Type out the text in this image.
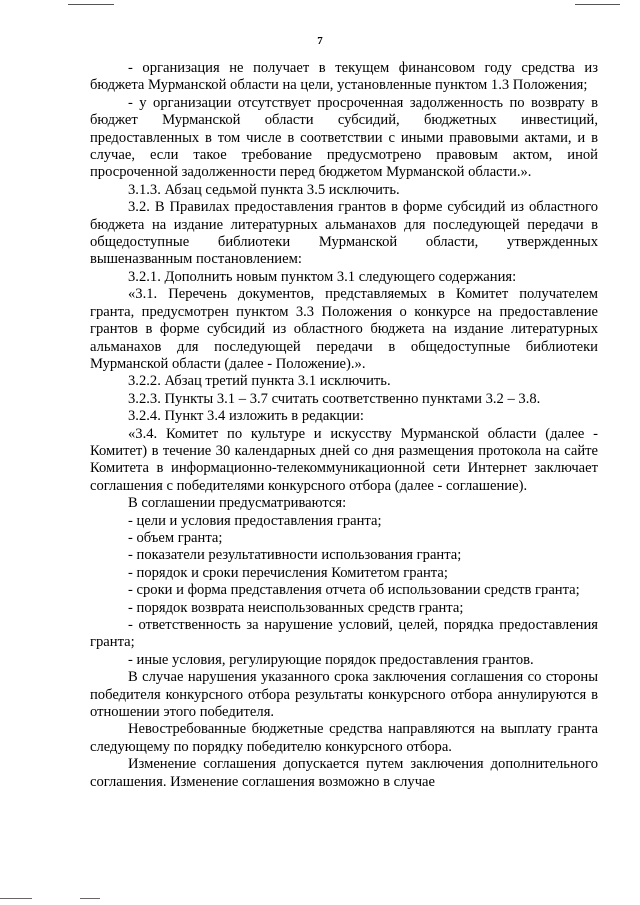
7

- организация не получает в текущем финансовом году средства из бюджета Мурманской области на цели, установленные пунктом 1.3 Положения;

- у организации отсутствует просроченная задолженность по возврату в бюджет Мурманской области субсидий, бюджетных инвестиций, предоставленных в том числе в соответствии с иными правовыми актами, и в случае, если такое требование предусмотрено правовым актом, иной просроченной задолженности перед бюджетом Мурманской области.».

3.1.3. Абзац седьмой пункта 3.5 исключить.

3.2. В Правилах предоставления грантов в форме субсидий из областного бюджета на издание литературных альманахов для последующей передачи в общедоступные библиотеки Мурманской области, утвержденных вышеназванным постановлением:

3.2.1. Дополнить новым пунктом 3.1 следующего содержания:

«3.1. Перечень документов, представляемых в Комитет получателем гранта, предусмотрен пунктом 3.3 Положения о конкурсе на предоставление грантов в форме субсидий из областного бюджета на издание литературных альманахов для последующей передачи в общедоступные библиотеки Мурманской области (далее - Положение).».

3.2.2. Абзац третий пункта 3.1 исключить.

3.2.3. Пункты 3.1 – 3.7 считать соответственно пунктами 3.2 – 3.8.

3.2.4. Пункт 3.4 изложить в редакции:

«3.4. Комитет по культуре и искусству Мурманской области (далее - Комитет) в течение 30 календарных дней со дня размещения протокола на сайте Комитета в информационно-телекоммуникационной сети Интернет заключает соглашения с победителями конкурсного отбора (далее - соглашение).

В соглашении предусматриваются:

- цели и условия предоставления гранта;

- объем гранта;

- показатели результативности использования гранта;

- порядок и сроки перечисления Комитетом гранта;

- сроки и форма представления отчета об использовании средств гранта;

- порядок возврата неиспользованных средств гранта;

- ответственность за нарушение условий, целей, порядка предоставления гранта;

- иные условия, регулирующие порядок предоставления грантов.

В случае нарушения указанного срока заключения соглашения со стороны победителя конкурсного отбора результаты конкурсного отбора аннулируются в отношении этого победителя.

Невостребованные бюджетные средства направляются на выплату гранта следующему по порядку победителю конкурсного отбора.

Изменение соглашения допускается путем заключения дополнительного соглашения. Изменение соглашения возможно в случае
